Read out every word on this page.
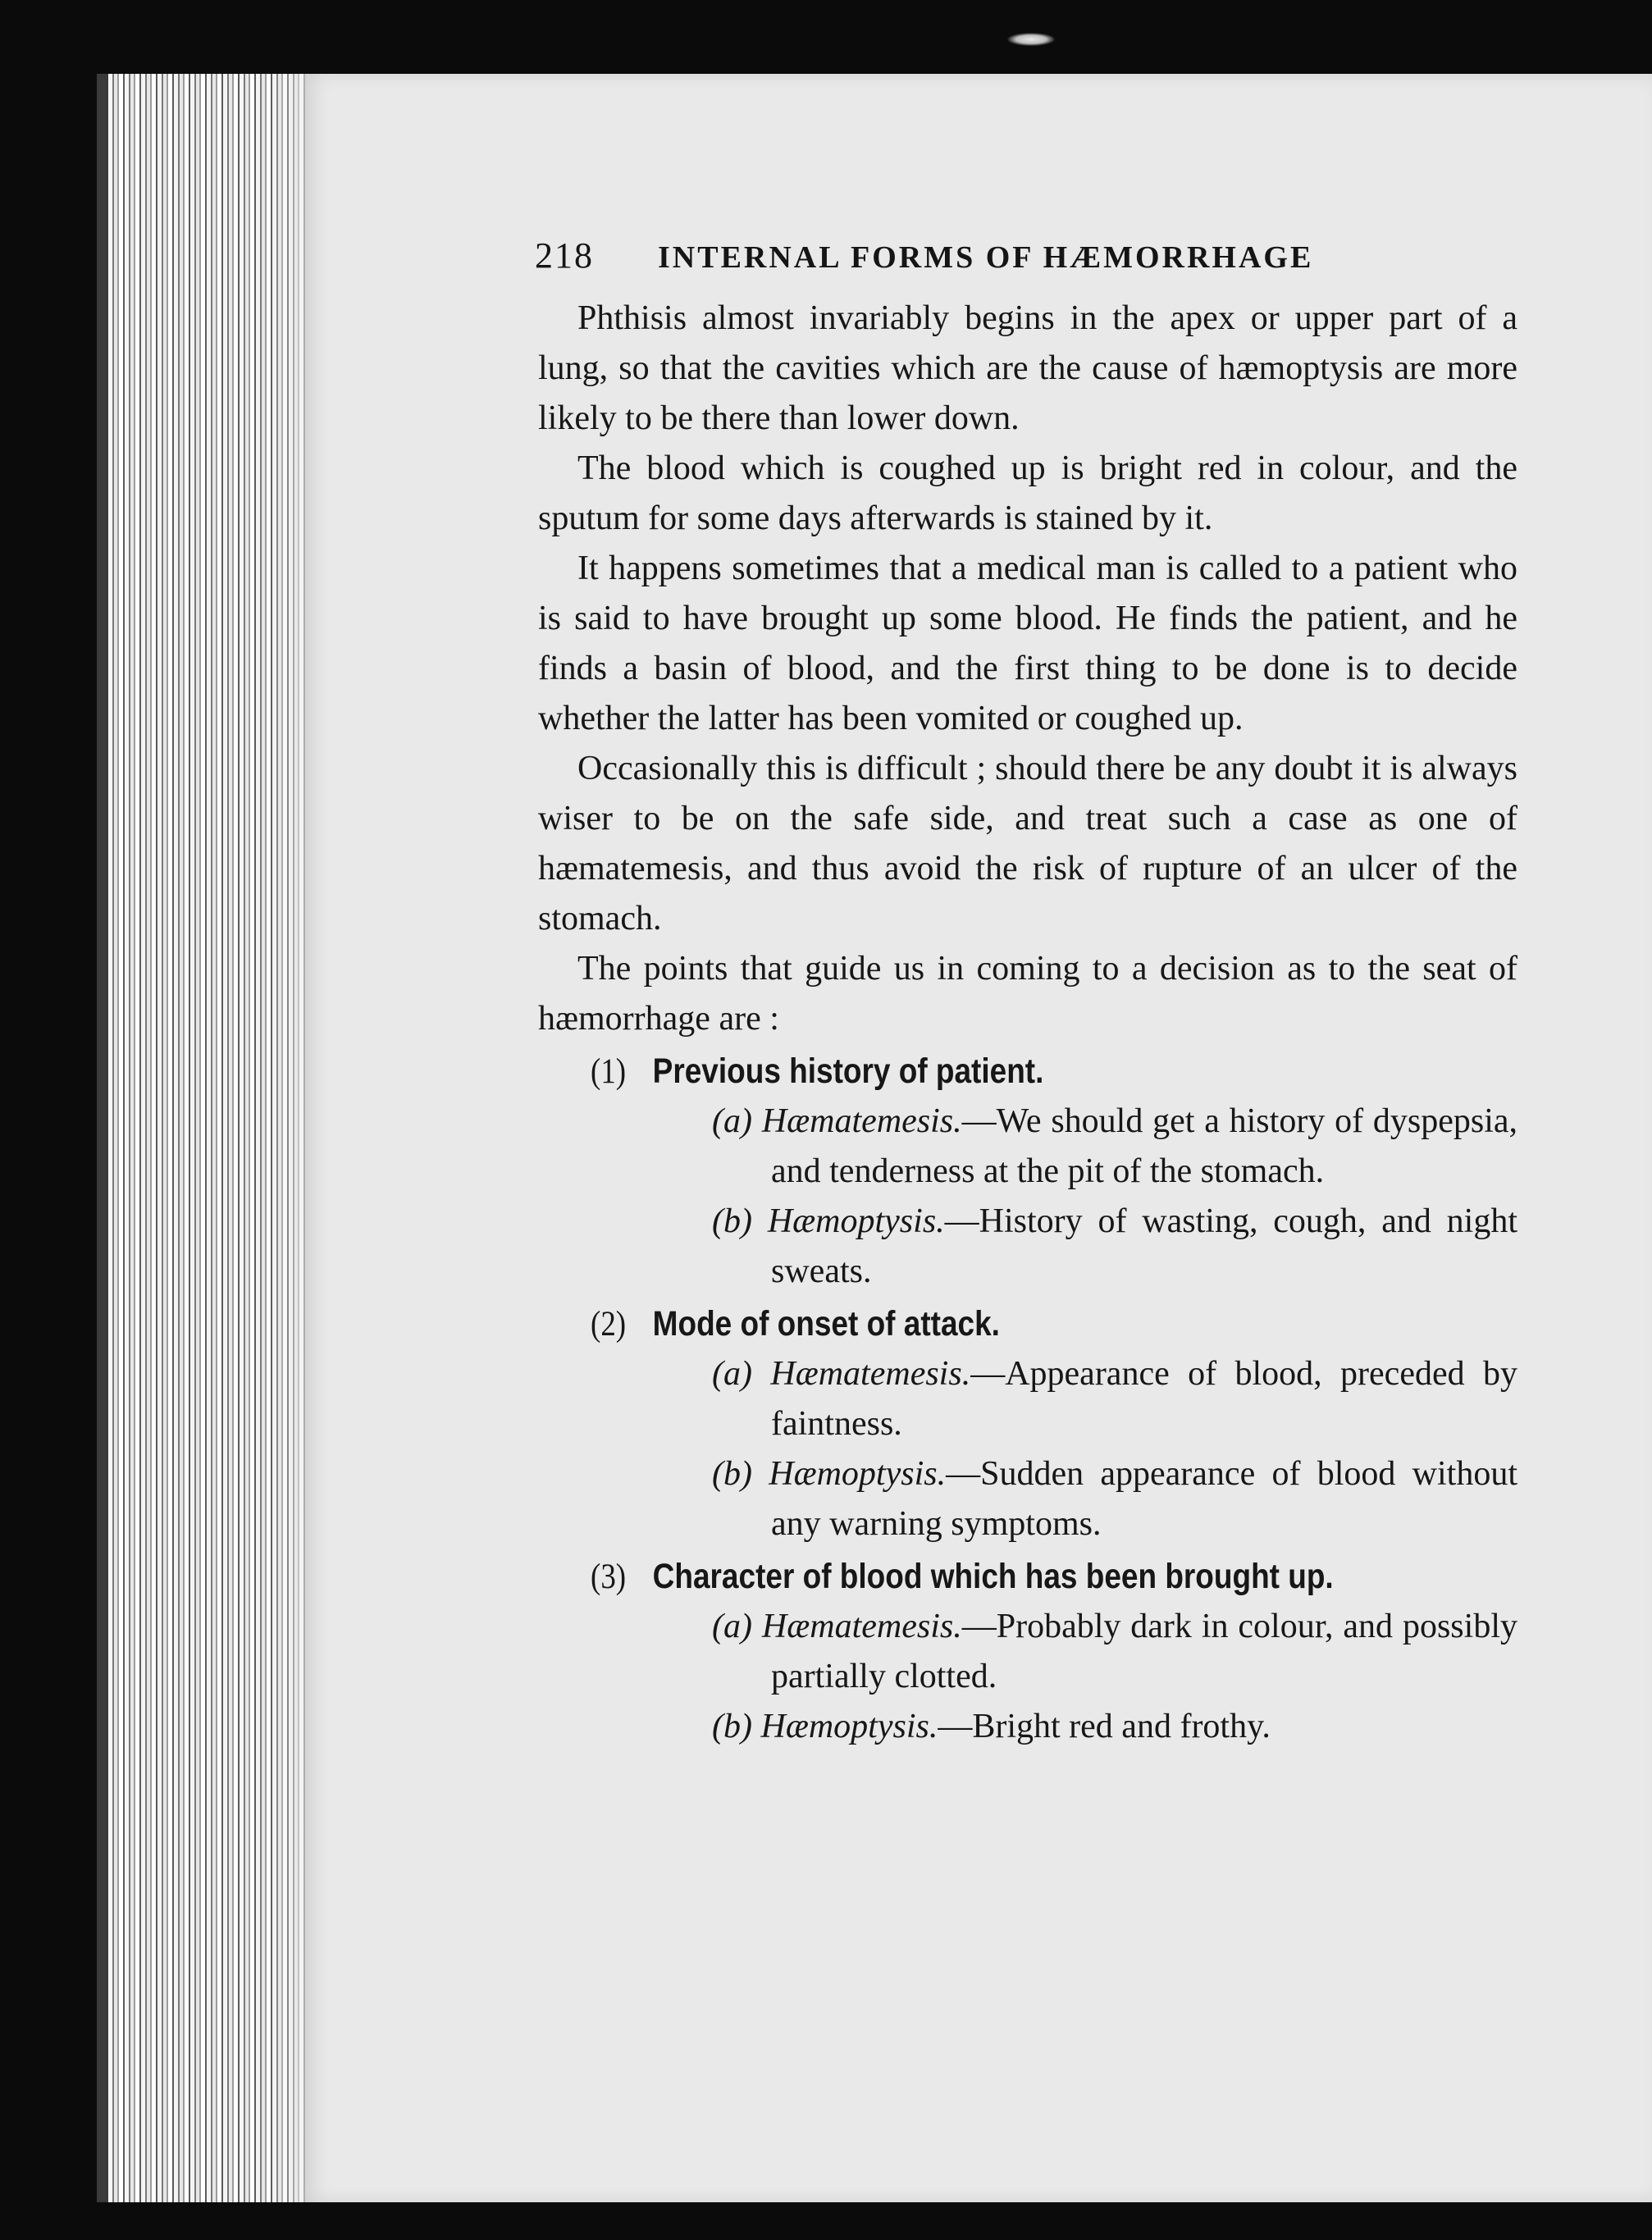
218 INTERNAL FORMS OF HÆMORRHAGE

Phthisis almost invariably begins in the apex or upper part of a lung, so that the cavities which are the cause of hæmoptysis are more likely to be there than lower down.

The blood which is coughed up is bright red in colour, and the sputum for some days afterwards is stained by it.

It happens sometimes that a medical man is called to a patient who is said to have brought up some blood. He finds the patient, and he finds a basin of blood, and the first thing to be done is to decide whether the latter has been vomited or coughed up.

Occasionally this is difficult ; should there be any doubt it is always wiser to be on the safe side, and treat such a case as one of hæmatemesis, and thus avoid the risk of rupture of an ulcer of the stomach.

The points that guide us in coming to a decision as to the seat of hæmorrhage are :

(1) Previous history of patient.

(a) Hæmatemesis.—We should get a history of dyspepsia, and tenderness at the pit of the stomach.

(b) Hæmoptysis.—History of wasting, cough, and night sweats.

(2) Mode of onset of attack.

(a) Hæmatemesis.—Appearance of blood, preceded by faintness.

(b) Hæmoptysis.—Sudden appearance of blood without any warning symptoms.

(3) Character of blood which has been brought up.

(a) Hæmatemesis.—Probably dark in colour, and possibly partially clotted.

(b) Hæmoptysis.—Bright red and frothy.
